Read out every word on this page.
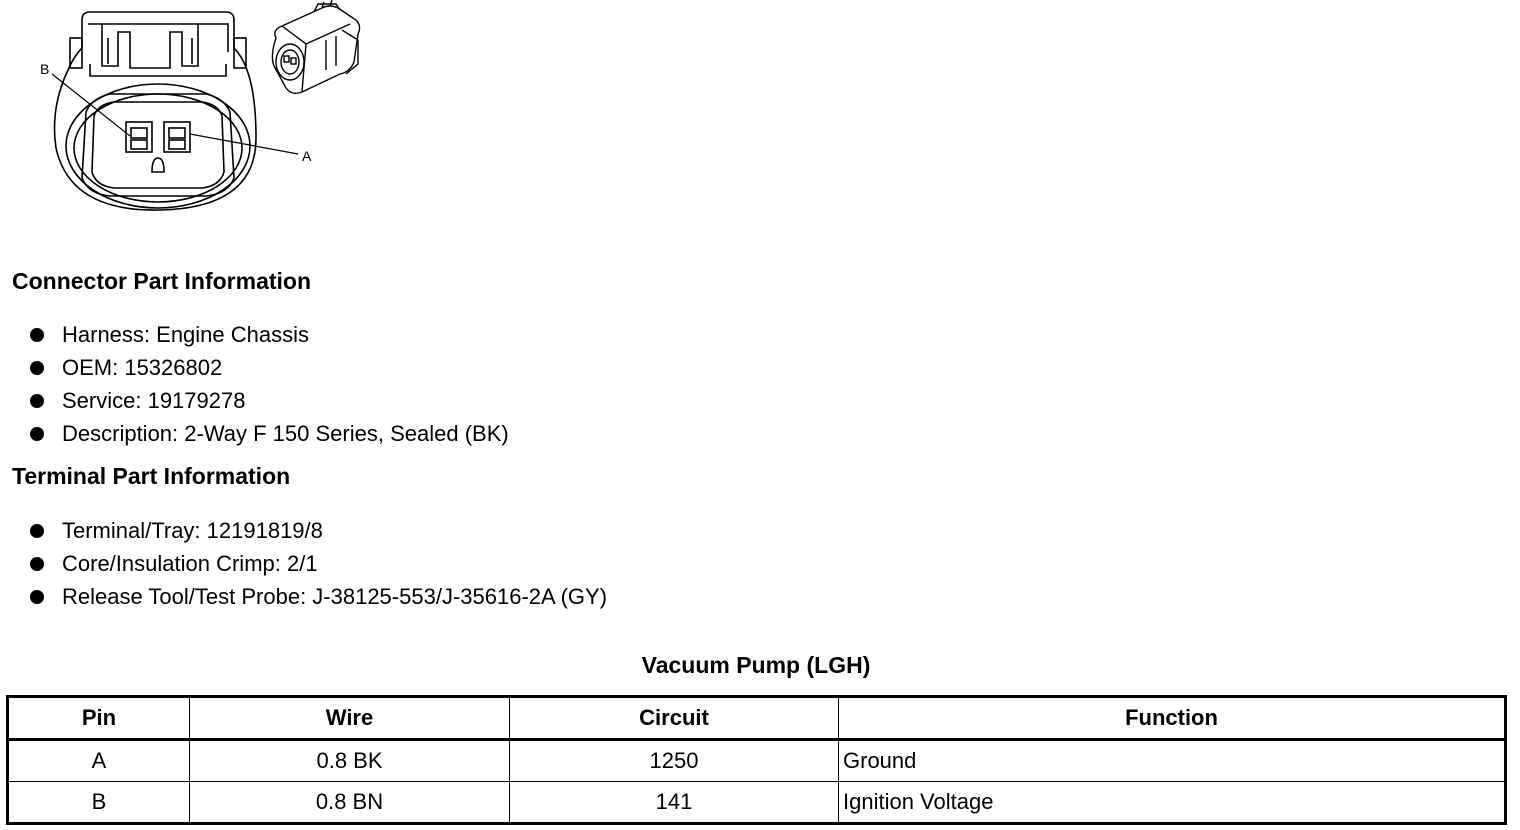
B
A
Connector Part Information
Harness: Engine Chassis
OEM: 15326802
Service: 19179278
Description: 2-Way F 150 Series, Sealed (BK)
Terminal Part Information
Terminal/Tray: 12191819/8
Core/Insulation Crimp: 2/1
Release Tool/Test Probe: J-38125-553/J-35616-2A (GY)
Vacuum Pump (LGH)
Pin	Wire	Circuit	Function
A	0.8 BK	1250	Ground
B	0.8 BN	141	Ignition Voltage
